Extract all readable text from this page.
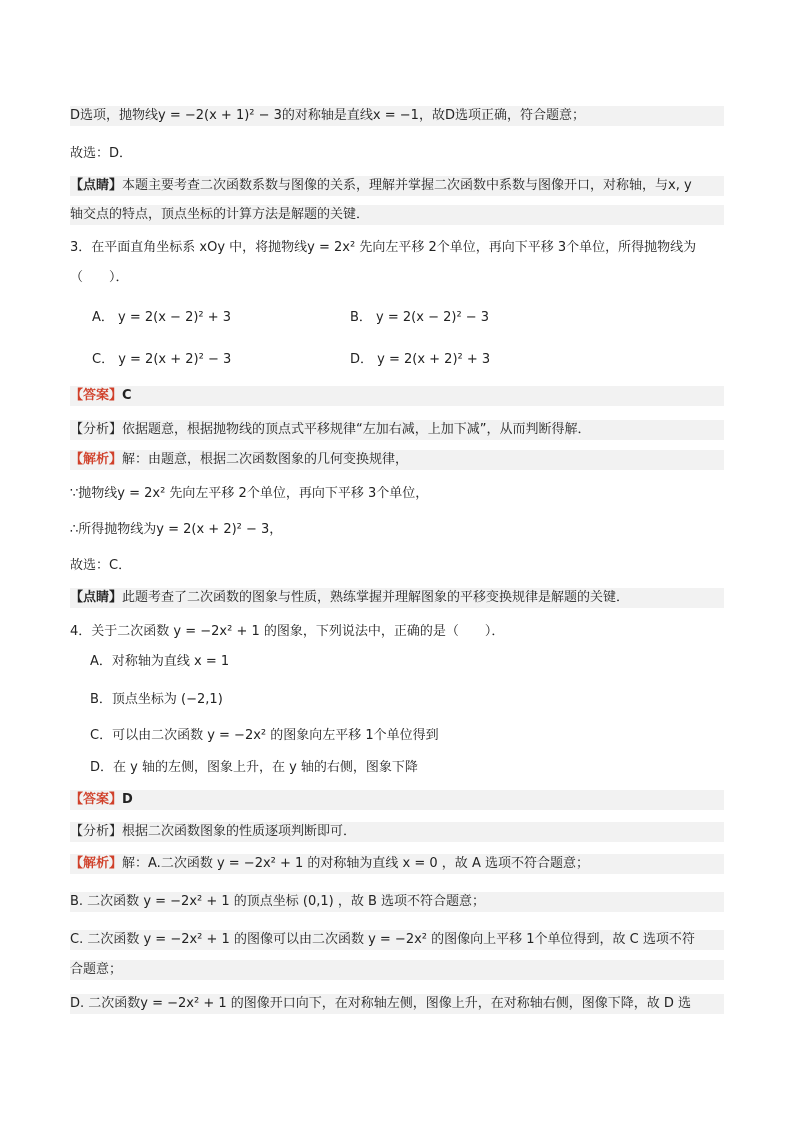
D选项，抛物线y = −2(x + 1)² − 3的对称轴是直线x = −1，故D选项正确，符合题意；
故选：D．
【点睛】本题主要考查二次函数系数与图像的关系，理解并掌握二次函数中系数与图像开口，对称轴，与x, y
轴交点的特点，顶点坐标的计算方法是解题的关键．
3．在平面直角坐标系 xOy 中，将抛物线y = 2x² 先向左平移 2个单位，再向下平移 3个单位，所得抛物线为
（　　）．
A． y = 2(x − 2)² + 3	B． y = 2(x − 2)² − 3
C． y = 2(x + 2)² − 3	D． y = 2(x + 2)² + 3
【答案】C
【分析】依据题意，根据抛物线的顶点式平移规律“左加右减，上加下减”，从而判断得解．
【解析】解：由题意，根据二次函数图象的几何变换规律，
∵抛物线y = 2x² 先向左平移 2个单位，再向下平移 3个单位，
∴所得抛物线为y = 2(x + 2)² − 3，
故选：C．
【点睛】此题考查了二次函数的图象与性质，熟练掌握并理解图象的平移变换规律是解题的关键．
4．关于二次函数 y = −2x² + 1 的图象，下列说法中，正确的是（　　）．
A．对称轴为直线 x = 1
B．顶点坐标为 (−2,1)
C．可以由二次函数 y = −2x² 的图象向左平移 1个单位得到
D．在 y 轴的左侧，图象上升，在 y 轴的右侧，图象下降
【答案】D
【分析】根据二次函数图象的性质逐项判断即可．
【解析】解：A.二次函数 y = −2x² + 1 的对称轴为直线 x = 0 ，故 A 选项不符合题意；
B. 二次函数 y = −2x² + 1 的顶点坐标 (0,1) ，故 B 选项不符合题意；
C. 二次函数 y = −2x² + 1 的图像可以由二次函数 y = −2x² 的图像向上平移 1个单位得到，故 C 选项不符
合题意；
D. 二次函数y = −2x² + 1 的图像开口向下，在对称轴左侧，图像上升，在对称轴右侧，图像下降，故 D 选
